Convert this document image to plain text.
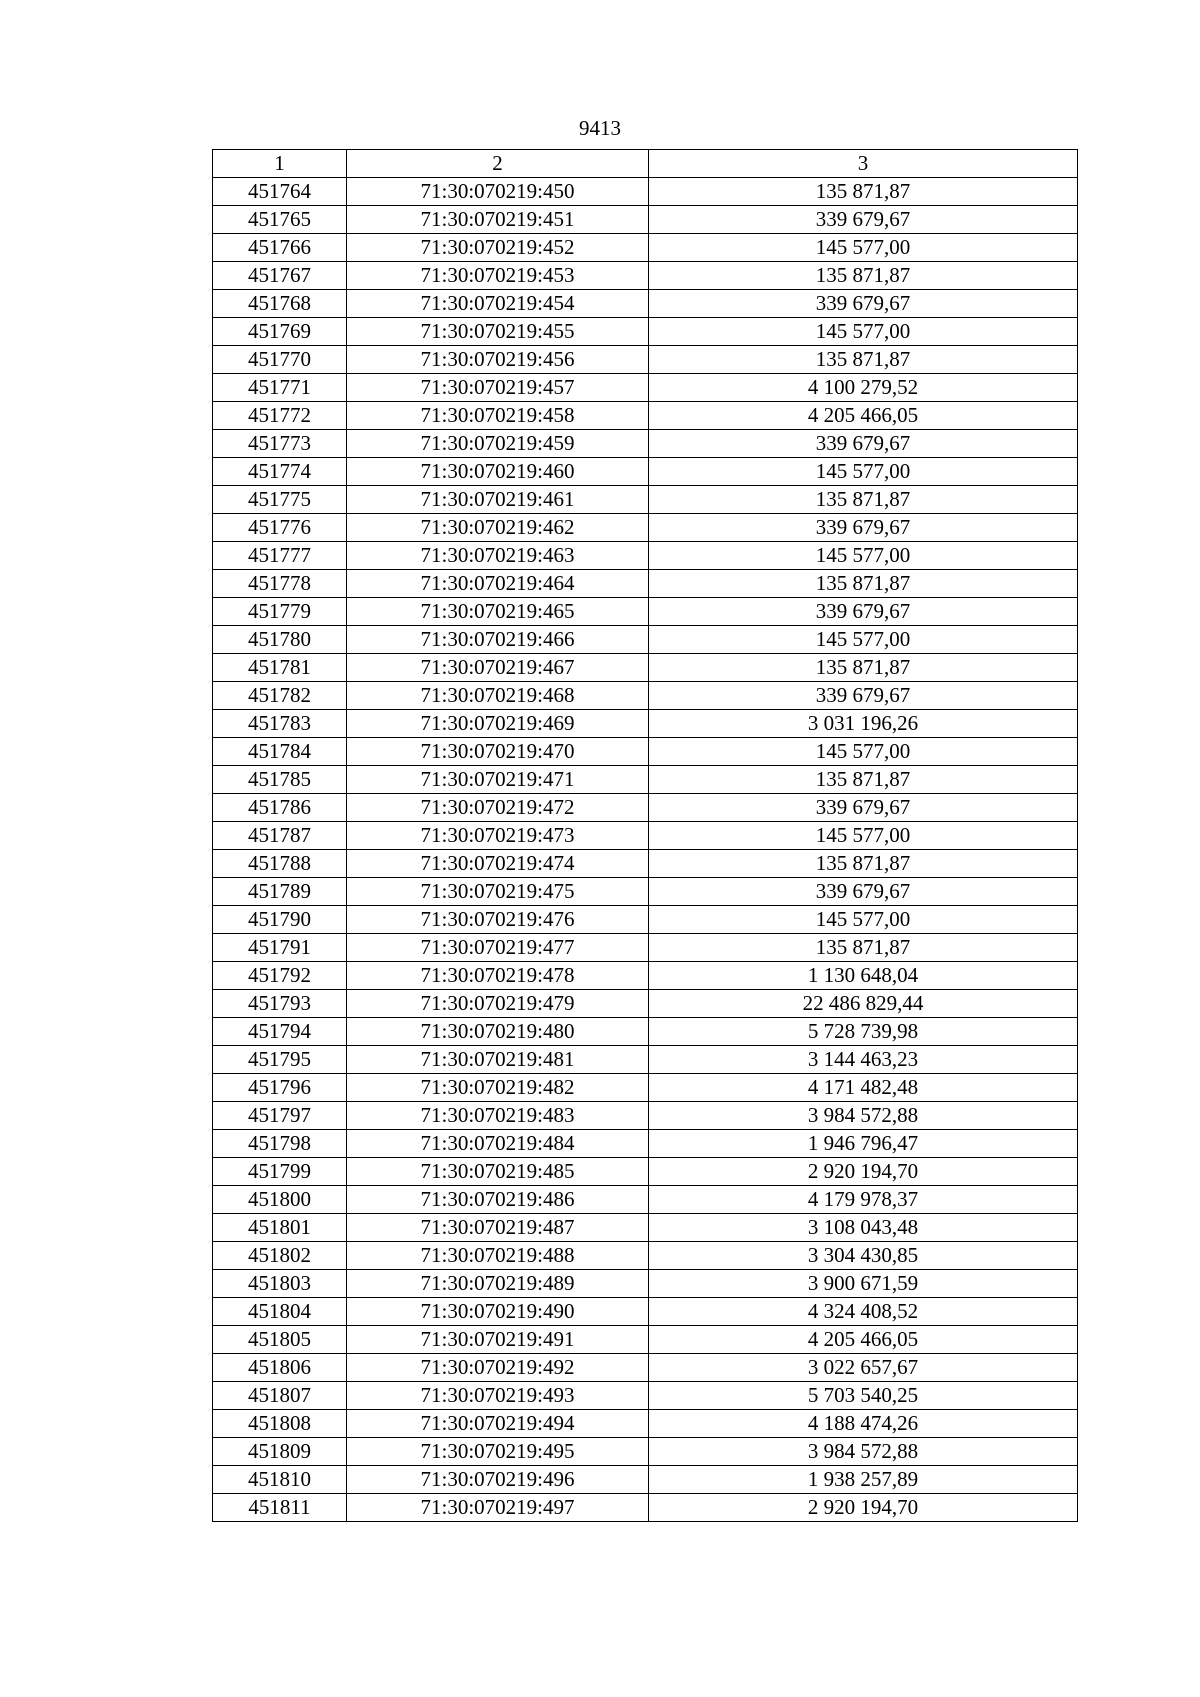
9413
1	2	3
451764	71:30:070219:450	135 871,87
451765	71:30:070219:451	339 679,67
451766	71:30:070219:452	145 577,00
451767	71:30:070219:453	135 871,87
451768	71:30:070219:454	339 679,67
451769	71:30:070219:455	145 577,00
451770	71:30:070219:456	135 871,87
451771	71:30:070219:457	4 100 279,52
451772	71:30:070219:458	4 205 466,05
451773	71:30:070219:459	339 679,67
451774	71:30:070219:460	145 577,00
451775	71:30:070219:461	135 871,87
451776	71:30:070219:462	339 679,67
451777	71:30:070219:463	145 577,00
451778	71:30:070219:464	135 871,87
451779	71:30:070219:465	339 679,67
451780	71:30:070219:466	145 577,00
451781	71:30:070219:467	135 871,87
451782	71:30:070219:468	339 679,67
451783	71:30:070219:469	3 031 196,26
451784	71:30:070219:470	145 577,00
451785	71:30:070219:471	135 871,87
451786	71:30:070219:472	339 679,67
451787	71:30:070219:473	145 577,00
451788	71:30:070219:474	135 871,87
451789	71:30:070219:475	339 679,67
451790	71:30:070219:476	145 577,00
451791	71:30:070219:477	135 871,87
451792	71:30:070219:478	1 130 648,04
451793	71:30:070219:479	22 486 829,44
451794	71:30:070219:480	5 728 739,98
451795	71:30:070219:481	3 144 463,23
451796	71:30:070219:482	4 171 482,48
451797	71:30:070219:483	3 984 572,88
451798	71:30:070219:484	1 946 796,47
451799	71:30:070219:485	2 920 194,70
451800	71:30:070219:486	4 179 978,37
451801	71:30:070219:487	3 108 043,48
451802	71:30:070219:488	3 304 430,85
451803	71:30:070219:489	3 900 671,59
451804	71:30:070219:490	4 324 408,52
451805	71:30:070219:491	4 205 466,05
451806	71:30:070219:492	3 022 657,67
451807	71:30:070219:493	5 703 540,25
451808	71:30:070219:494	4 188 474,26
451809	71:30:070219:495	3 984 572,88
451810	71:30:070219:496	1 938 257,89
451811	71:30:070219:497	2 920 194,70
